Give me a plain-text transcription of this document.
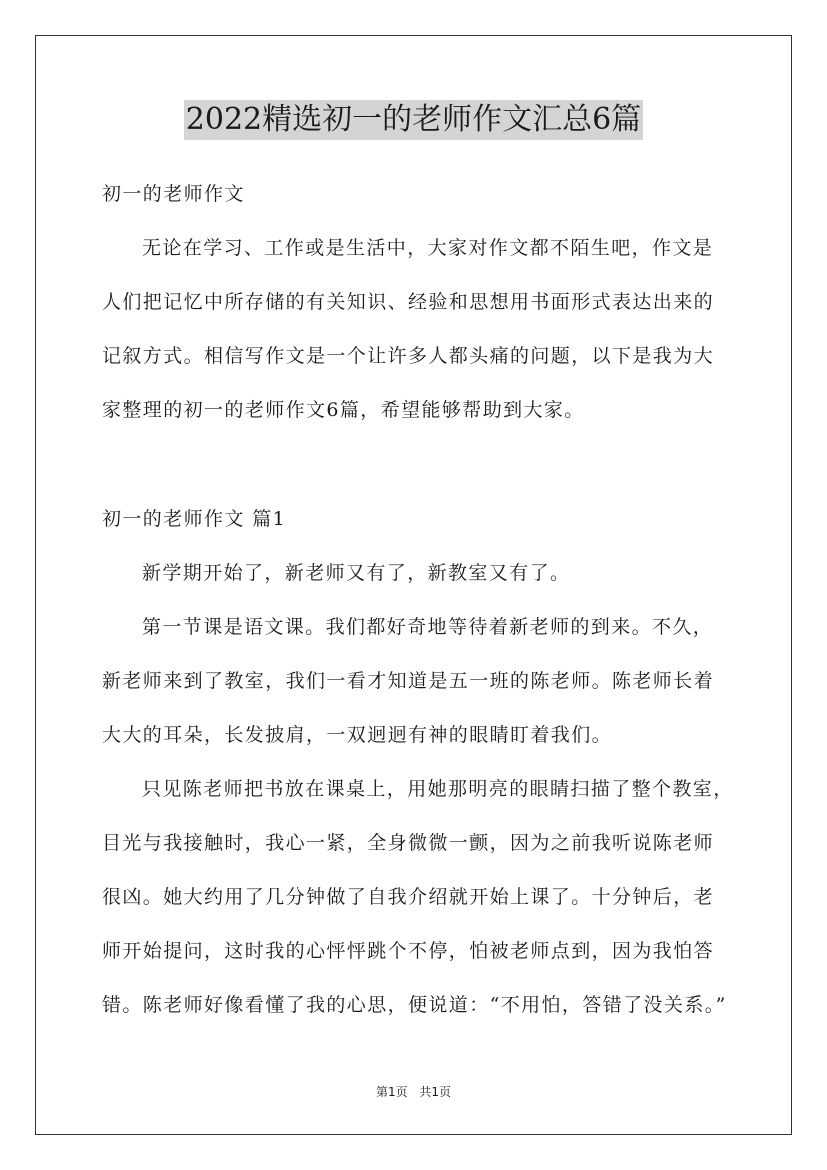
2022精选初一的老师作文汇总6篇
初一的老师作文
无论在学习、工作或是生活中，大家对作文都不陌生吧，作文是
人们把记忆中所存储的有关知识、经验和思想用书面形式表达出来的
记叙方式。相信写作文是一个让许多人都头痛的问题，以下是我为大
家整理的初一的老师作文6篇，希望能够帮助到大家。
初一的老师作文 篇1
新学期开始了，新老师又有了，新教室又有了。
第一节课是语文课。我们都好奇地等待着新老师的到来。不久，
新老师来到了教室，我们一看才知道是五一班的陈老师。陈老师长着
大大的耳朵，长发披肩，一双迥迥有神的眼睛盯着我们。
只见陈老师把书放在课桌上，用她那明亮的眼睛扫描了整个教室，
目光与我接触时，我心一紧，全身微微一颤，因为之前我听说陈老师
很凶。她大约用了几分钟做了自我介绍就开始上课了。十分钟后，老
师开始提问，这时我的心怦怦跳个不停，怕被老师点到，因为我怕答
错。陈老师好像看懂了我的心思，便说道：“不用怕，答错了没关系。”
第1页 共1页
